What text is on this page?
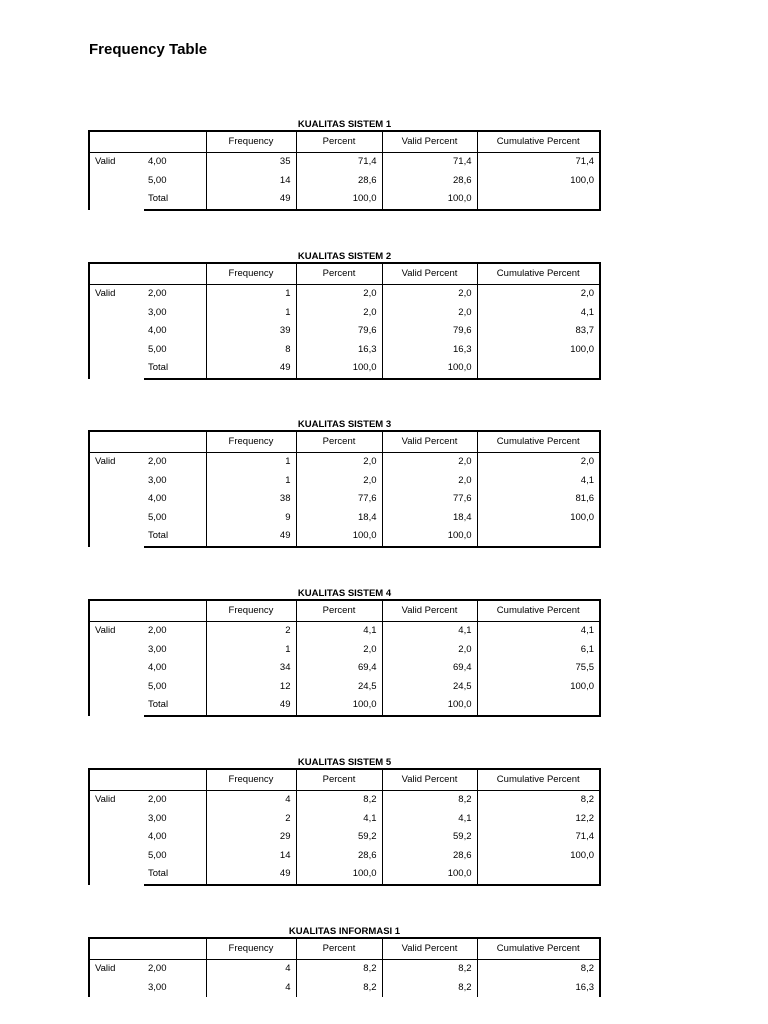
Frequency Table
KUALITAS SISTEM 1
		Frequency	Percent	Valid Percent	Cumulative Percent
Valid	4,00	35	71,4	71,4	71,4
	5,00	14	28,6	28,6	100,0
	Total	49	100,0	100,0	
KUALITAS SISTEM 2
		Frequency	Percent	Valid Percent	Cumulative Percent
Valid	2,00	1	2,0	2,0	2,0
	3,00	1	2,0	2,0	4,1
	4,00	39	79,6	79,6	83,7
	5,00	8	16,3	16,3	100,0
	Total	49	100,0	100,0	
KUALITAS SISTEM 3
		Frequency	Percent	Valid Percent	Cumulative Percent
Valid	2,00	1	2,0	2,0	2,0
	3,00	1	2,0	2,0	4,1
	4,00	38	77,6	77,6	81,6
	5,00	9	18,4	18,4	100,0
	Total	49	100,0	100,0	
KUALITAS SISTEM 4
		Frequency	Percent	Valid Percent	Cumulative Percent
Valid	2,00	2	4,1	4,1	4,1
	3,00	1	2,0	2,0	6,1
	4,00	34	69,4	69,4	75,5
	5,00	12	24,5	24,5	100,0
	Total	49	100,0	100,0	
KUALITAS SISTEM 5
		Frequency	Percent	Valid Percent	Cumulative Percent
Valid	2,00	4	8,2	8,2	8,2
	3,00	2	4,1	4,1	12,2
	4,00	29	59,2	59,2	71,4
	5,00	14	28,6	28,6	100,0
	Total	49	100,0	100,0	
KUALITAS INFORMASI 1
		Frequency	Percent	Valid Percent	Cumulative Percent
Valid	2,00	4	8,2	8,2	8,2
	3,00	4	8,2	8,2	16,3
